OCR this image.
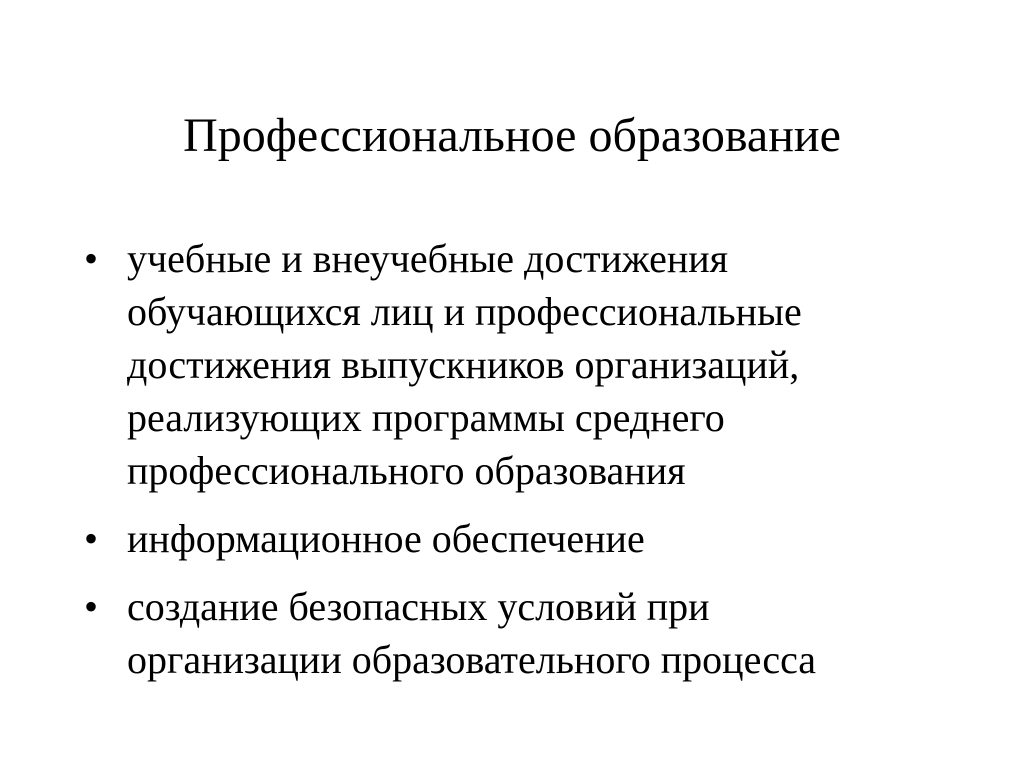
Профессиональное образование
• учебные и внеучебные достижения
обучающихся лиц и профессиональные
достижения выпускников организаций,
реализующих программы среднего
профессионального образования
• информационное обеспечение
• создание безопасных условий при
организации образовательного процесса
